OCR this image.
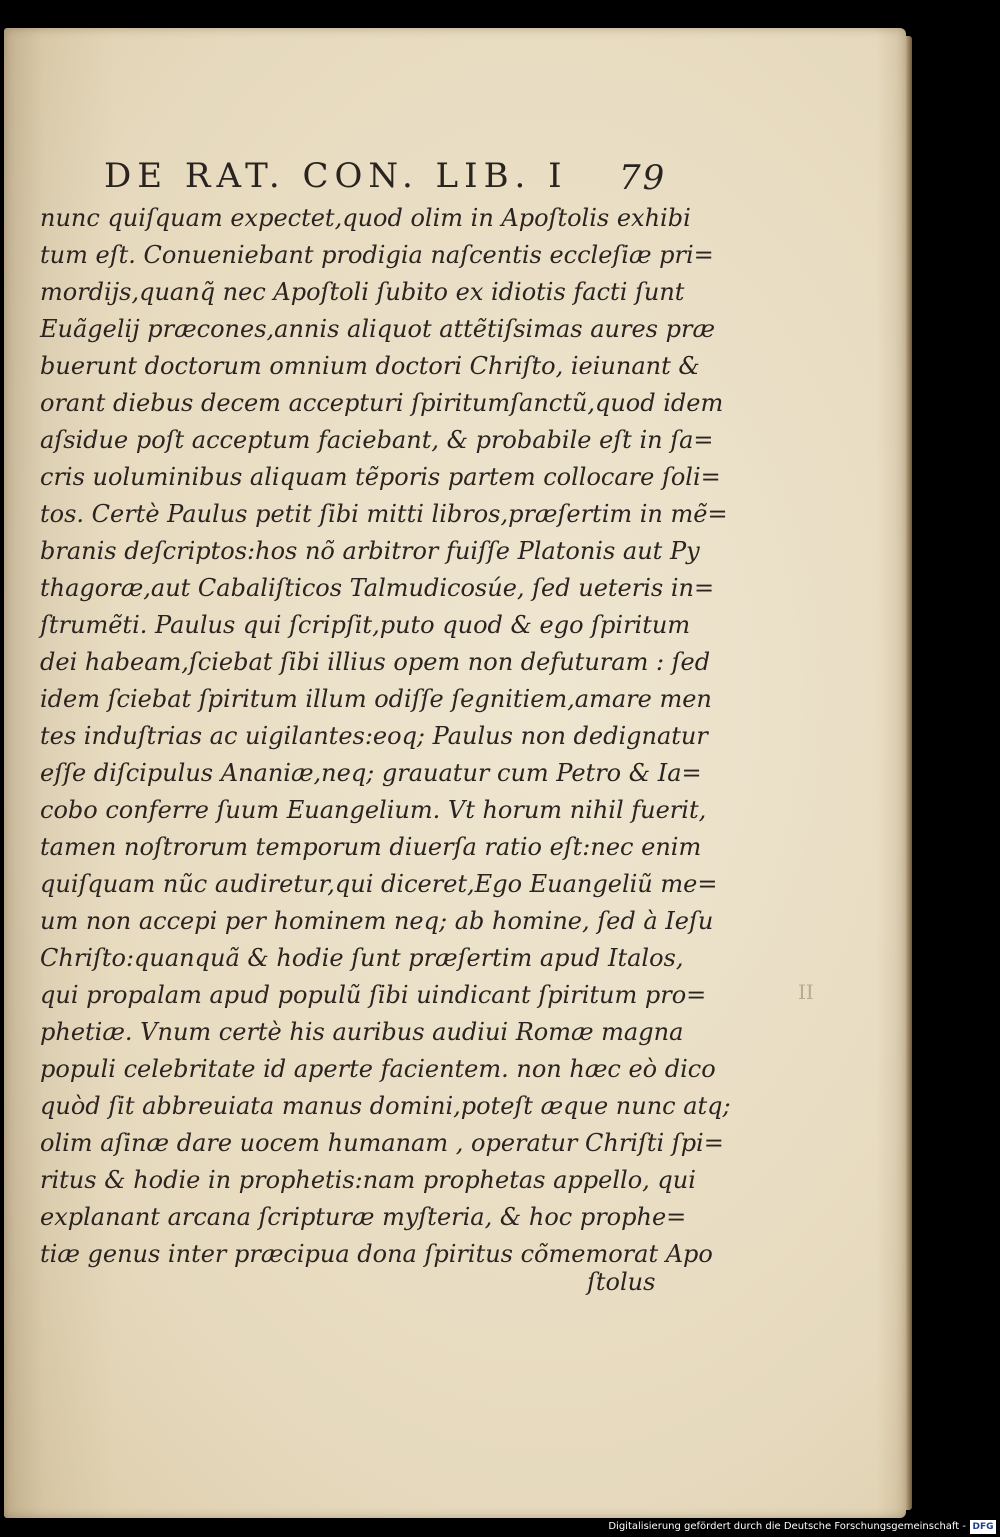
DE RAT. CON. LIB. I 79
nunc quiſquam expectet,quod olim in Apoſtolis exhibi
tum eſt. Conueniebant prodigia naſcentis eccleſiæ pri=
mordijs,quanq̃ nec Apoſtoli ſubito ex idiotis facti ſunt
Euãgelij præcones,annis aliquot attẽtiſsimas aures præ
buerunt doctorum omnium doctori Chriſto, ieiunant &
orant diebus decem accepturi ſpiritumſanctũ,quod idem
aſsidue poſt acceptum faciebant, & probabile eſt in ſa=
cris uoluminibus aliquam tẽporis partem collocare ſoli=
tos. Certè Paulus petit ſibi mitti libros,præſertim in mẽ=
branis deſcriptos:hos nõ arbitror fuiſſe Platonis aut Py
thagoræ,aut Cabaliſticos Talmudicosúe, ſed ueteris in=
ſtrumẽti. Paulus qui ſcripſit,puto quod & ego ſpiritum
dei habeam,ſciebat ſibi illius opem non defuturam : ſed
idem ſciebat ſpiritum illum odiſſe ſegnitiem,amare men
tes induſtrias ac uigilantes:eoq; Paulus non dedignatur
eſſe diſcipulus Ananiæ,neq; grauatur cum Petro & Ia=
cobo conferre ſuum Euangelium. Vt horum nihil fuerit,
tamen noſtrorum temporum diuerſa ratio eſt:nec enim
quiſquam nũc audiretur,qui diceret,Ego Euangeliũ me=
um non accepi per hominem neq; ab homine, ſed à Ieſu
Chriſto:quanquã & hodie ſunt præſertim apud Italos,
qui propalam apud populũ ſibi uindicant ſpiritum pro=
phetiæ. Vnum certè his auribus audiui Romæ magna
populi celebritate id aperte facientem. non hæc eò dico
quòd ſit abbreuiata manus domini,poteſt æque nunc atq;
olim aſinæ dare uocem humanam , operatur Chriſti ſpi=
ritus & hodie in prophetis:nam prophetas appello, qui
explanant arcana ſcripturæ myſteria, & hoc prophe=
tiæ genus inter præcipua dona ſpiritus cõmemorat Apo
ſtolus
II
Digitalisierung gefördert durch die Deutsche Forschungsgemeinschaft - DFG
